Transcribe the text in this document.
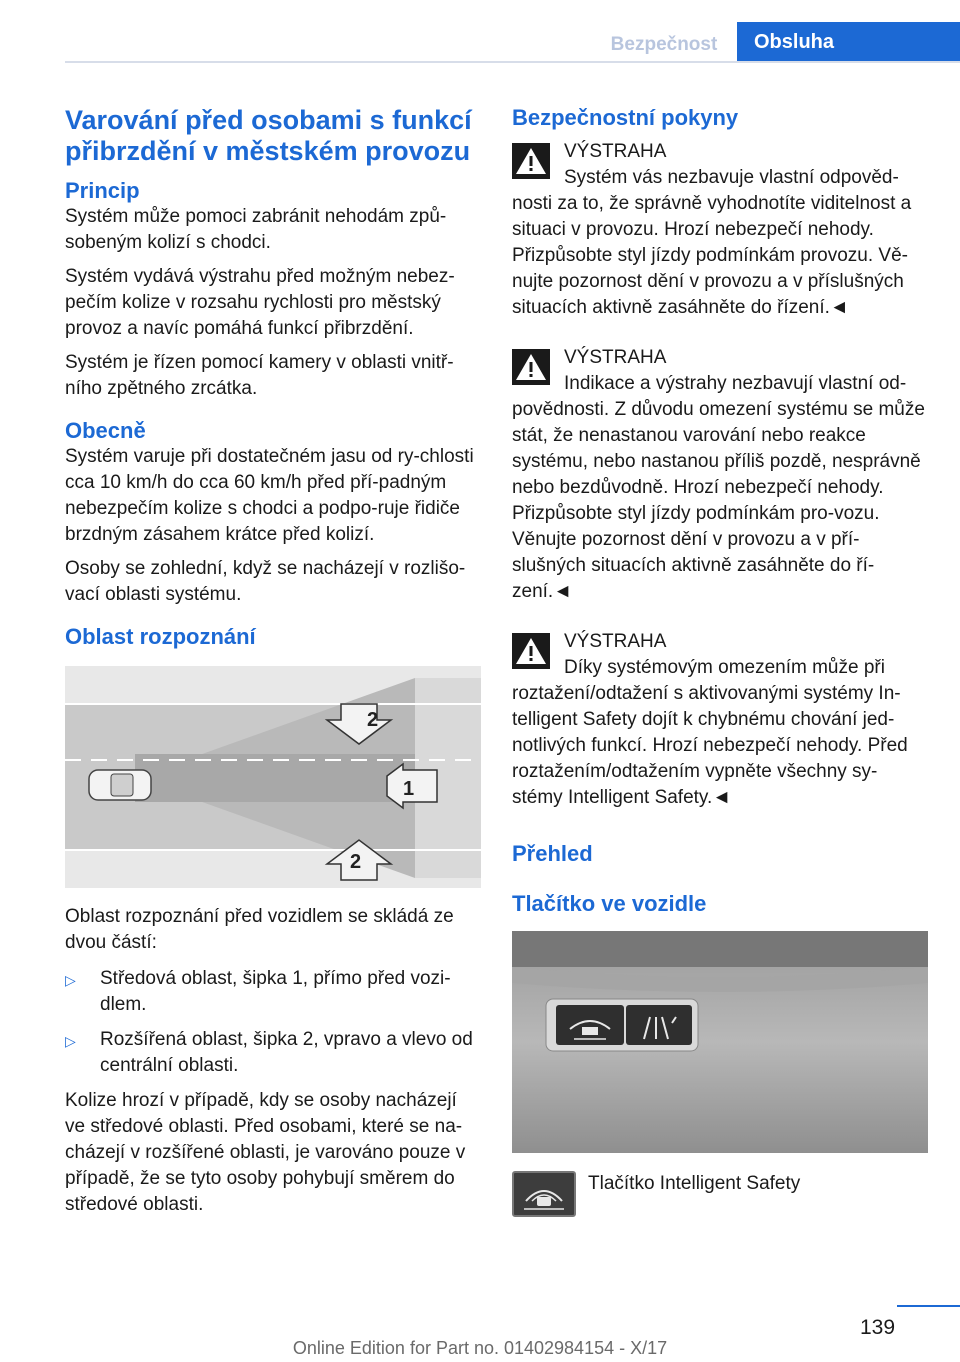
Bezpečnost	Obsluha
Varování před osobami s funkcí přibrzdění v městském provozu
Princip
Systém může pomoci zabránit nehodám způ‐sobeným kolizí s chodci.
Systém vydává výstrahu před možným nebez‐pečím kolize v rozsahu rychlosti pro městský provoz a navíc pomáhá funkcí přibrzdění.
Systém je řízen pomocí kamery v oblasti vnitř‐ního zpětného zrcátka.
Obecně
Systém varuje při dostatečném jasu od ry‐chlosti cca 10 km/h do cca 60 km/h před pří‐padným nebezpečím kolize s chodci a podpo‐ruje řidiče brzdným zásahem krátce před kolizí.
Osoby se zohlední, když se nacházejí v rozlišo‐vací oblasti systému.
Oblast rozpoznání
2
1
2
Oblast rozpoznání před vozidlem se skládá ze dvou částí:
▷ Středová oblast, šipka 1, přímo před vozi‐dlem.
▷ Rozšířená oblast, šipka 2, vpravo a vlevo od centrální oblasti.
Kolize hrozí v případě, kdy se osoby nacházejí ve středové oblasti. Před osobami, které se na‐cházejí v rozšířené oblasti, je varováno pouze v případě, že se tyto osoby pohybují směrem do středové oblasti.
Bezpečnostní pokyny
VÝSTRAHA
Systém vás nezbavuje vlastní odpověd‐nosti za to, že správně vyhodnotíte viditelnost a situaci v provozu. Hrozí nebezpečí nehody. Přizpůsobte styl jízdy podmínkám provozu. Vě‐nujte pozornost dění v provozu a v příslušných situacích aktivně zasáhněte do řízení.◄
VÝSTRAHA
Indikace a výstrahy nezbavují vlastní od‐povědnosti. Z důvodu omezení systému se může stát, že nenastanou varování nebo reakce systému, nebo nastanou příliš pozdě, nesprávně nebo bezdůvodně. Hrozí nebezpečí nehody. Přizpůsobte styl jízdy podmínkám pro‐vozu. Věnujte pozornost dění v provozu a v pří‐slušných situacích aktivně zasáhněte do ří‐zení.◄
VÝSTRAHA
Díky systémovým omezením může při roztažení/odtažení s aktivovanými systémy In‐telligent Safety dojít k chybnému chování jed‐notlivých funkcí. Hrozí nebezpečí nehody. Před roztažením/odtažením vypněte všechny sy‐stémy Intelligent Safety.◄
Přehled
Tlačítko ve vozidle
Tlačítko Intelligent Safety
139
Online Edition for Part no. 01402984154 - X/17
